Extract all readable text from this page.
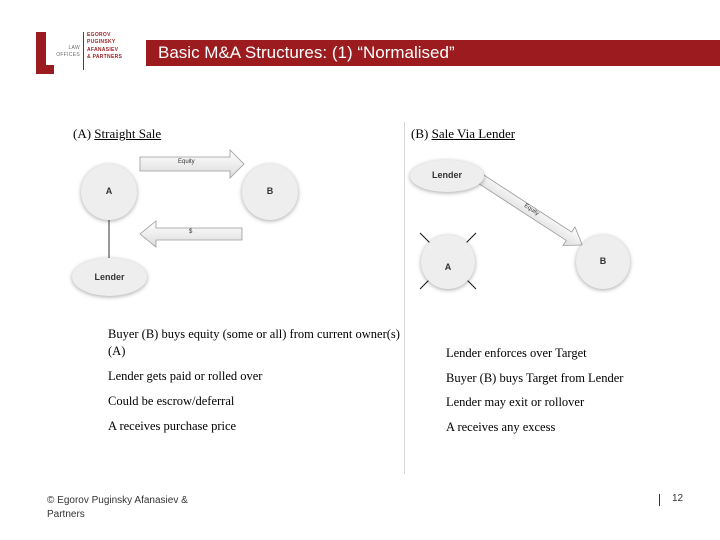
LAW
OFFICES
EGOROV
PUGINSKY
AFANASIEV
& PARTNERS	Basic M&A Structures: (1) “Normalised”
(A) Straight Sale	(B) Sale Via Lender
A	B
Lender
Equity
$
Lender
A
B
Equity
Buyer (B) buys equity (some or all) from current owner(s) (A)
Lender gets paid or rolled over
Could be escrow/deferral
A receives purchase price
Lender enforces over Target
Buyer (B) buys Target from Lender
Lender may exit or rollover
A receives any excess
© Egorov Puginsky Afanasiev & Partners
12
